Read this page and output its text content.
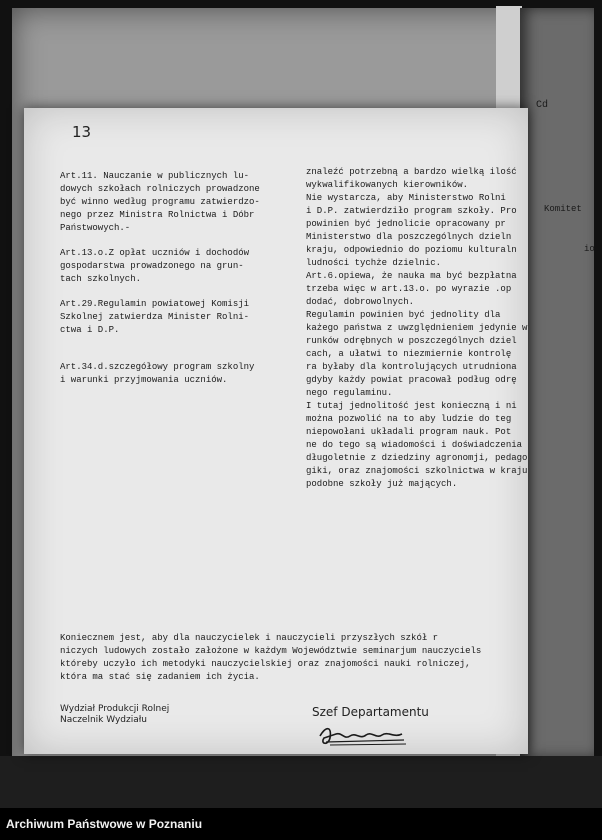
Cd
Komitet
io
13
Art.11. Nauczanie w publicznych lu-
dowych szkołach rolniczych prowadzone
być winno według programu zatwierdzo-
nego przez Ministra Rolnictwa i Dóbr
Państwowych.-
Art.13.o.Z opłat uczniów i dochodów
gospodarstwa prowadzonego na grun-
tach szkolnych.
Art.29.Regulamin powiatowej Komisji
Szkolnej zatwierdza Minister Rolni-
ctwa i D.P.
Art.34.d.szczegółowy program szkolny
i warunki przyjmowania uczniów.
znaleźć potrzebną a bardzo wielką ilość
wykwalifikowanych kierowników.
Nie wystarcza, aby Ministerstwo Rolni
i D.P. zatwierdziło program szkoły. Pro
powinien być jednolicie opracowany pr
Ministerstwo dla poszczególnych dzieln
kraju, odpowiednio do poziomu kulturaln
ludności tychże dzielnic.
Art.6.opiewa, że nauka ma być bezpłatna
trzeba więc w art.13.o. po wyrazie .op
dodać, dobrowolnych.
Regulamin powinien być jednolity dla
każego państwa z uwzględnieniem jedynie w
runków odrębnych w poszczególnych dziel
cach, a ułatwi to niezmiernie kontrolę
ra byłaby dla kontrolujących utrudniona
gdyby każdy powiat pracował podług odrę
nego regulaminu.
I tutaj jednolitość jest konieczną i ni
można pozwolić na to aby ludzie do teg
niepowołani układali program nauk. Pot
ne do tego są wiadomości i doświadczenia
długoletnie z dziedziny agronomji, pedago
giki, oraz znajomości szkolnictwa w kraju
podobne szkoły już mających.
Koniecznem jest, aby dla nauczycielek i nauczycieli przyszłych szkół r
niczych ludowych zostało założone w każdym Województwie seminarjum nauczyciels
któreby uczyło ich metodyki nauczycielskiej oraz znajomości nauki rolniczej,
która ma stać się zadaniem ich życia.
Wydział Produkcji Rolnej
Naczelnik Wydziału
Szef Departamentu
Archiwum Państwowe w Poznaniu
